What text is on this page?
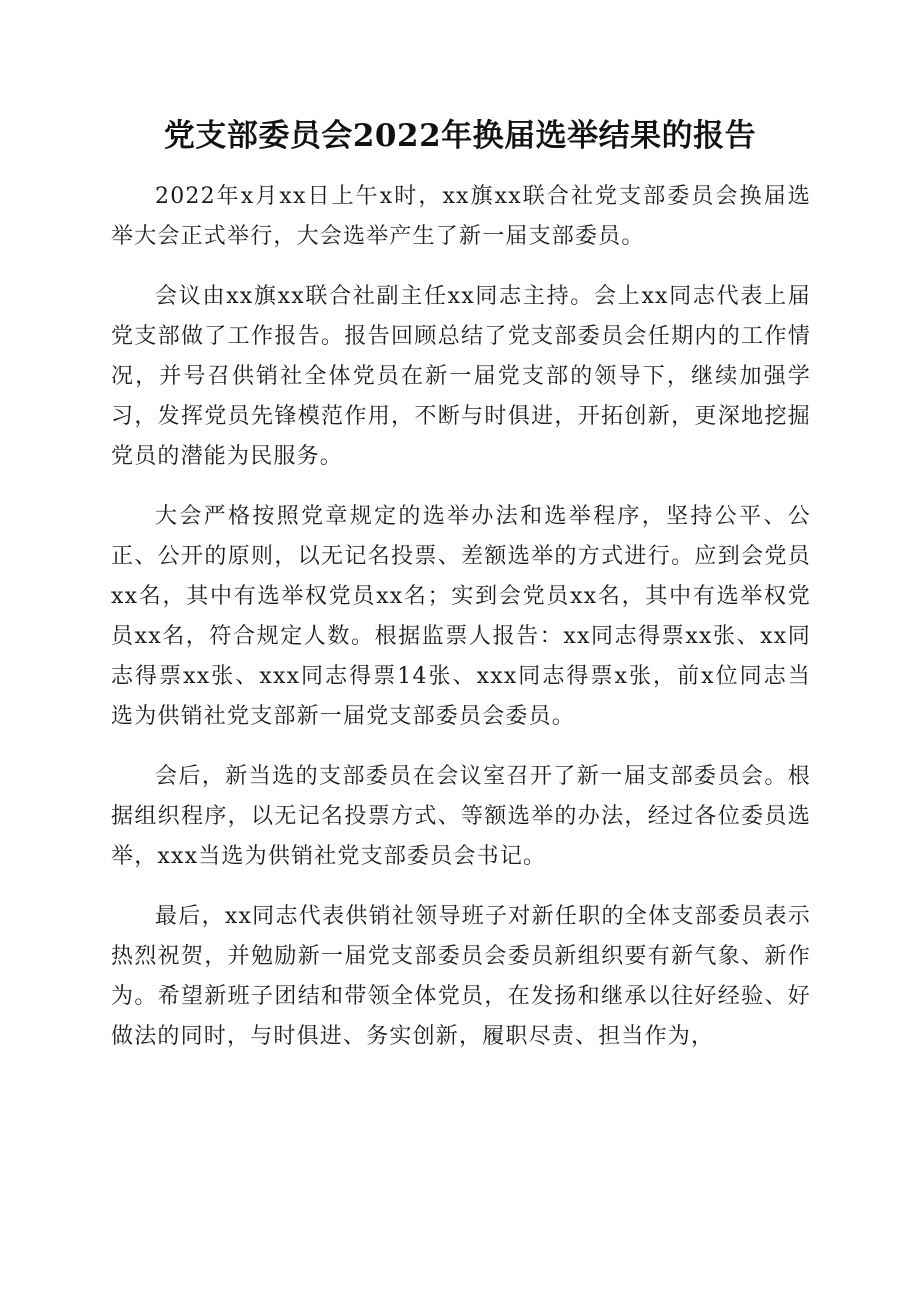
党支部委员会2022年换届选举结果的报告

2022年x月xx日上午x时，xx旗xx联合社党支部委员会换届选举大会正式举行，大会选举产生了新一届支部委员。

会议由xx旗xx联合社副主任xx同志主持。会上xx同志代表上届党支部做了工作报告。报告回顾总结了党支部委员会任期内的工作情况，并号召供销社全体党员在新一届党支部的领导下，继续加强学习，发挥党员先锋模范作用，不断与时俱进，开拓创新，更深地挖掘党员的潜能为民服务。

大会严格按照党章规定的选举办法和选举程序，坚持公平、公正、公开的原则，以无记名投票、差额选举的方式进行。应到会党员xx名，其中有选举权党员xx名；实到会党员xx名，其中有选举权党员xx名，符合规定人数。根据监票人报告：xx同志得票xx张、xx同志得票xx张、xxx同志得票14张、xxx同志得票x张，前x位同志当选为供销社党支部新一届党支部委员会委员。

会后，新当选的支部委员在会议室召开了新一届支部委员会。根据组织程序，以无记名投票方式、等额选举的办法，经过各位委员选举，xxx当选为供销社党支部委员会书记。

最后，xx同志代表供销社领导班子对新任职的全体支部委员表示热烈祝贺，并勉励新一届党支部委员会委员新组织要有新气象、新作为。希望新班子团结和带领全体党员，在发扬和继承以往好经验、好做法的同时，与时俱进、务实创新，履职尽责、担当作为，
